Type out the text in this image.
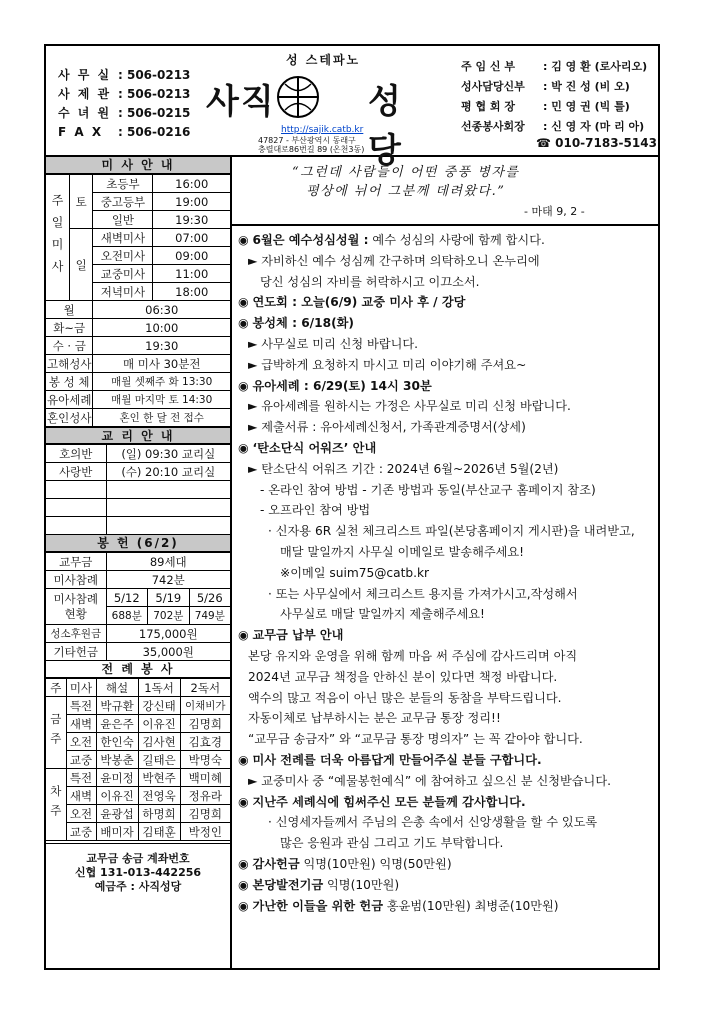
사 무 실 : 506-0213
사 제 관 : 506-0213
수 녀 원 : 506-0215
F A X	: 506-0216
성 스테파노
사직	성당
http://sajik.catb.kr
47827 - 부산광역시 동래구
충렬대로86번길 89 (온천3동)
주 임 신 부	: 김 영 환 (로사리오)
성사담당신부	: 박 진 성 (비 오)
평 협 회 장	: 민 영 권 (빅 틀)
선종봉사회장	: 신 영 자 (마 리 아)
☎ 010-7183-5143
미 사 안 내
주일미사	토	초등부	16:00
		중고등부	19:00
		일반	19:30
	일	새벽미사	07:00
		오전미사	09:00
		교중미사	11:00
		저녁미사	18:00
월		06:30	
화~금		10:00	
수 · 금		19:30	
고해성사		매 미사 30분전	
봉 성 체		매월 셋째주 화 13:30	
유아세례		매월 마지막 토 14:30	
혼인성사		혼인 한 달 전 접수	
교 리 안 내
호의반	(일) 09:30 교리실
사랑반	(수) 20:10 교리실

봉 헌 (6/2)
교무금	89세대		
미사참례	742분		

미사참례
현황	5/12	5/19	5/26
	688분	702분	749분
성소후원금	175,000원		
기타헌금	35,000원		
전 례 봉 사
주	미사	해설	1독서	2독서
금주	특전	박규환	강신태	이채비가
	새벽	윤은주	이유진	김명희
	오전	한인숙	김사현	김효경
	교중	박봉춘	길태은	박명숙
차주	특전	윤미정	박현주	백미혜
	새벽	이유진	전영욱	정유라
	오전	윤광섭	하명희	김명희
	교중	배미자	김태훈	박정인
교무금 송금 계좌번호
신협 131-013-442256
예금주 : 사직성당
“그런데 사람들이 어떤 중풍 병자를
평상에 뉘어 그분께 데려왔다.”
- 마태 9, 2 -
◉ 6월은 예수성심성월 : 예수 성심의 사랑에 함께 합시다.
► 자비하신 예수 성심께 간구하며 의탁하오니 온누리에
당신 성심의 자비를 허락하시고 이끄소서.
◉ 연도회 : 오늘(6/9) 교중 미사 후 / 강당
◉ 봉성체 : 6/18(화)
► 사무실로 미리 신청 바랍니다.
► 급박하게 요청하지 마시고 미리 이야기해 주셔요~
◉ 유아세례 : 6/29(토) 14시 30분
► 유아세례를 원하시는 가정은 사무실로 미리 신청 바랍니다.
► 제출서류 : 유아세례신청서, 가족관계증명서(상세)
◉ ‘탄소단식 어워즈’ 안내
► 탄소단식 어워즈 기간 : 2024년 6월~2026년 5월(2년)
- 온라인 참여 방법 - 기존 방법과 동일(부산교구 홈페이지 참조)
- 오프라인 참여 방법
· 신자용 6R 실천 체크리스트 파일(본당홈페이지 게시판)을 내려받고,
매달 말일까지 사무실 이메일로 발송해주세요!
※이메일 suim75@catb.kr
· 또는 사무실에서 체크리스트 용지를 가져가시고,작성해서
사무실로 매달 말일까지 제출해주세요!
◉ 교무금 납부 안내
본당 유지와 운영을 위해 함께 마음 써 주심에 감사드리며 아직
2024년 교무금 책정을 안하신 분이 있다면 책정 바랍니다.
액수의 많고 적음이 아닌 많은 분들의 동참을 부탁드립니다.
자동이체로 납부하시는 분은 교무금 통장 정리!!
“교무금 송금자” 와 “교무금 통장 명의자” 는 꼭 같아야 합니다.
◉ 미사 전례를 더욱 아름답게 만들어주실 분들 구합니다.
► 교중미사 중 “예물봉헌예식” 에 참여하고 싶으신 분 신청받습니다.
◉ 지난주 세례식에 힘써주신 모든 분들께 감사합니다.
· 신영세자들께서 주님의 은총 속에서 신앙생활을 할 수 있도록
많은 응원과 관심 그리고 기도 부탁합니다.
◉ 감사헌금 익명(10만원) 익명(50만원)
◉ 본당발전기금 익명(10만원)
◉ 가난한 이들을 위한 헌금 홍윤범(10만원) 최병준(10만원)
